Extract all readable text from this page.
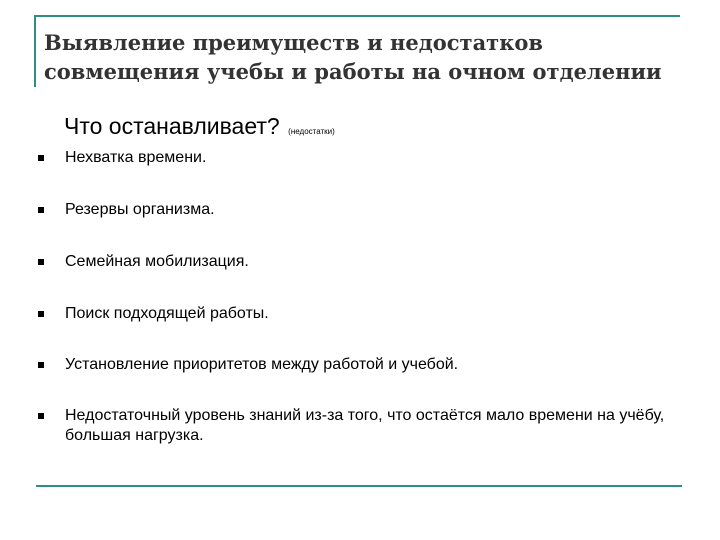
Выявление преимуществ и недостатков совмещения учебы и работы на очном отделении
Что останавливает? (недостатки)
Нехватка времени.
Резервы организма.
Семейная мобилизация.
Поиск подходящей работы.
Установление приоритетов между работой и учебой.
Недостаточный уровень знаний из-за того, что остаётся мало времени на учёбу, большая нагрузка.
